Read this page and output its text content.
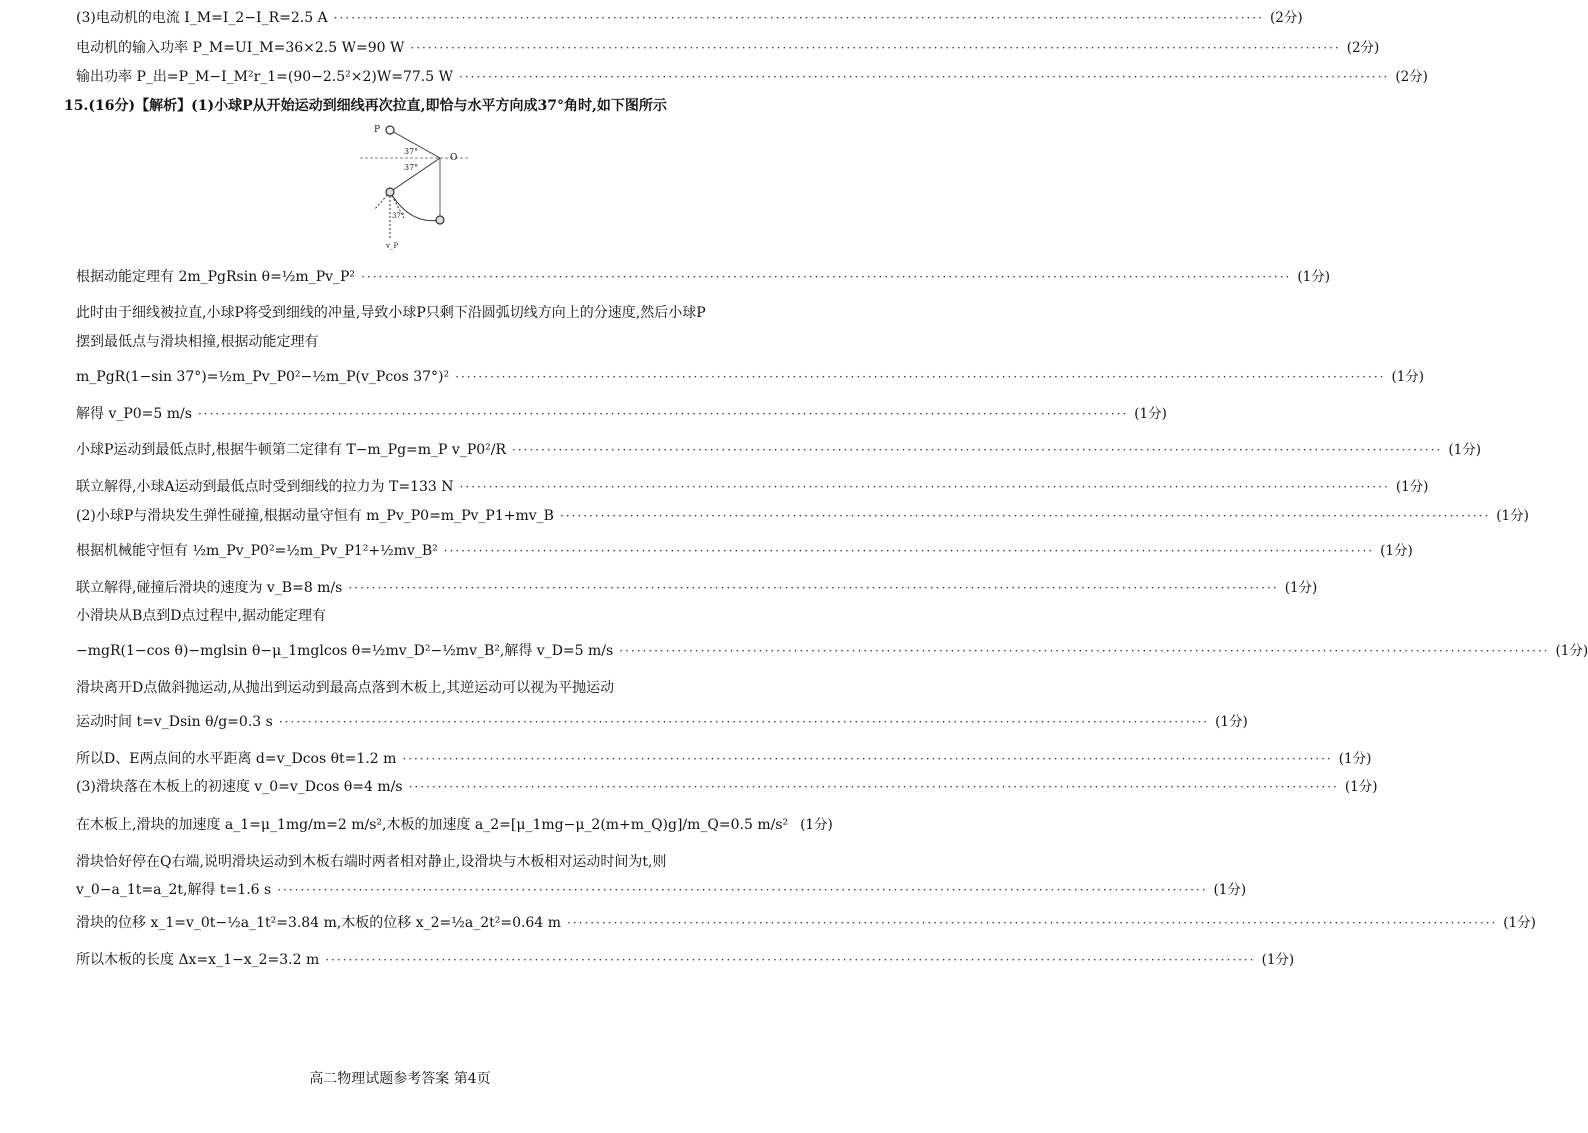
(3)电动机的电流 I_M=I_2−I_R=2.5 A ·····	(2分)
电动机的输入功率 P_M=UI_M=36×2.5 W=90 W ·····	(2分)
输出功率 P_出=P_M−I_M²r_1=(90−2.5²×2)W=77.5 W ·····	(2分)
15.(16分)【解析】(1)小球P从开始运动到细线再次拉直,即恰与水平方向成37°角时,如下图所示
P
O
37°
37°
37°
v_P
根据动能定理有 2m_PgRsin θ=½m_Pv_P² ·····	(1分)
此时由于细线被拉直,小球P将受到细线的冲量,导致小球P只剩下沿圆弧切线方向上的分速度,然后小球P
摆到最低点与滑块相撞,根据动能定理有
m_PgR(1−sin 37°)=½m_Pv_P0²−½m_P(v_Pcos 37°)² ·····	(1分)
解得 v_P0=5 m/s ·····	(1分)
小球P运动到最低点时,根据牛顿第二定律有 T−m_Pg=m_P v_P0²/R ·····	(1分)
联立解得,小球A运动到最低点时受到细线的拉力为 T=133 N ·····	(1分)
(2)小球P与滑块发生弹性碰撞,根据动量守恒有 m_Pv_P0=m_Pv_P1+mv_B ·····	(1分)
根据机械能守恒有 ½m_Pv_P0²=½m_Pv_P1²+½mv_B² ·····	(1分)
联立解得,碰撞后滑块的速度为 v_B=8 m/s ·····	(1分)
小滑块从B点到D点过程中,据动能定理有
−mgR(1−cos θ)−mglsin θ−μ_1mglcos θ=½mv_D²−½mv_B²,解得 v_D=5 m/s ·····	(1分)
滑块离开D点做斜抛运动,从抛出到运动到最高点落到木板上,其逆运动可以视为平抛运动
运动时间 t=v_Dsin θ/g=0.3 s ·····	(1分)
所以D、E两点间的水平距离 d=v_Dcos θt=1.2 m ·····	(1分)
(3)滑块落在木板上的初速度 v_0=v_Dcos θ=4 m/s ·····	(1分)
在木板上,滑块的加速度 a_1=μ_1mg/m=2 m/s²,木板的加速度 a_2=[μ_1mg−μ_2(m+m_Q)g]/m_Q=0.5 m/s² (1分)
滑块恰好停在Q右端,说明滑块运动到木板右端时两者相对静止,设滑块与木板相对运动时间为t,则
v_0−a_1t=a_2t,解得 t=1.6 s ·····	(1分)
滑块的位移 x_1=v_0t−½a_1t²=3.84 m,木板的位移 x_2=½a_2t²=0.64 m ·····	(1分)
所以木板的长度 Δx=x_1−x_2=3.2 m ·····	(1分)
高二物理试题参考答案 第4页
